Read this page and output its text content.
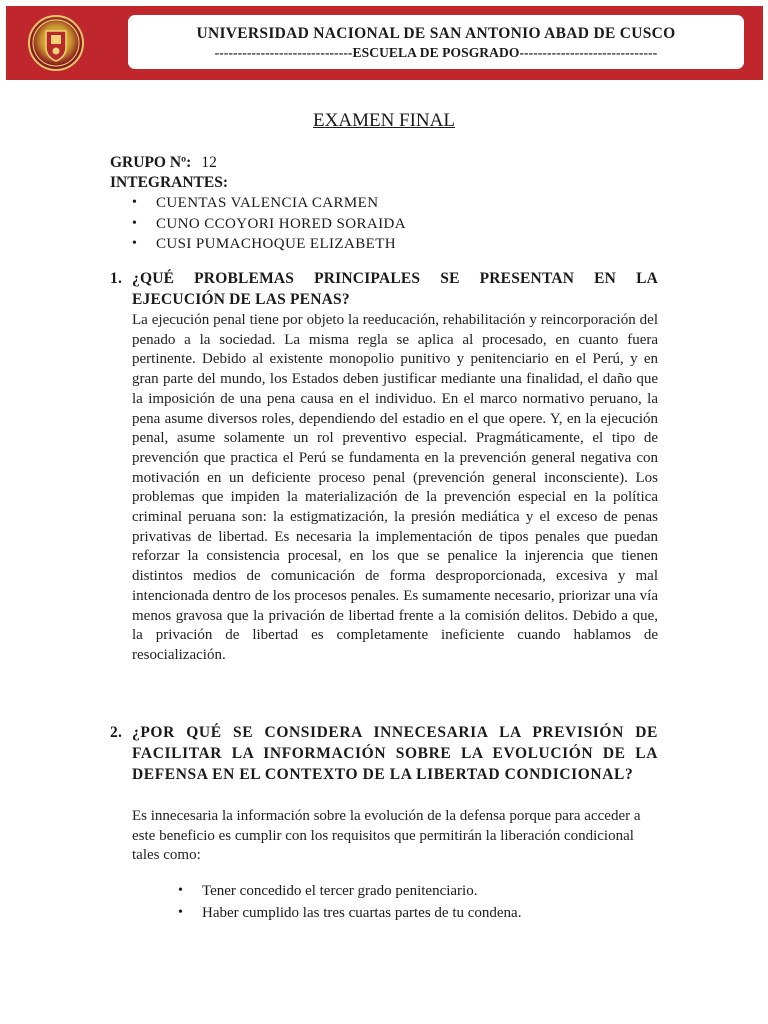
UNIVERSIDAD NACIONAL DE SAN ANTONIO ABAD DE CUSCO
------------------------------ESCUELA DE POSGRADO------------------------------
EXAMEN FINAL
GRUPO Nº: 12
INTEGRANTES:
• CUENTAS VALENCIA CARMEN
• CUNO CCOYORI HORED SORAIDA
• CUSI PUMACHOQUE ELIZABETH
1. ¿QUÉ PROBLEMAS PRINCIPALES SE PRESENTAN EN LA EJECUCIÓN DE LAS PENAS?
La ejecución penal tiene por objeto la reeducación, rehabilitación y reincorporación del penado a la sociedad. La misma regla se aplica al procesado, en cuanto fuera pertinente. Debido al existente monopolio punitivo y penitenciario en el Perú, y en gran parte del mundo, los Estados deben justificar mediante una finalidad, el daño que la imposición de una pena causa en el individuo. En el marco normativo peruano, la pena asume diversos roles, dependiendo del estadio en el que opere. Y, en la ejecución penal, asume solamente un rol preventivo especial. Pragmáticamente, el tipo de prevención que practica el Perú se fundamenta en la prevención general negativa con motivación en un deficiente proceso penal (prevención general inconsciente). Los problemas que impiden la materialización de la prevención especial en la política criminal peruana son: la estigmatización, la presión mediática y el exceso de penas privativas de libertad. Es necesaria la implementación de tipos penales que puedan reforzar la consistencia procesal, en los que se penalice la injerencia que tienen distintos medios de comunicación de forma desproporcionada, excesiva y mal intencionada dentro de los procesos penales. Es sumamente necesario, priorizar una vía menos gravosa que la privación de libertad frente a la comisión delitos. Debido a que, la privación de libertad es completamente ineficiente cuando hablamos de resocialización.
2. ¿POR QUÉ SE CONSIDERA INNECESARIA LA PREVISIÓN DE FACILITAR LA INFORMACIÓN SOBRE LA EVOLUCIÓN DE LA DEFENSA EN EL CONTEXTO DE LA LIBERTAD CONDICIONAL?
Es innecesaria la información sobre la evolución de la defensa porque para acceder a este beneficio es cumplir con los requisitos que permitirán la liberación condicional tales como:
• Tener concedido el tercer grado penitenciario.
• Haber cumplido las tres cuartas partes de tu condena.
